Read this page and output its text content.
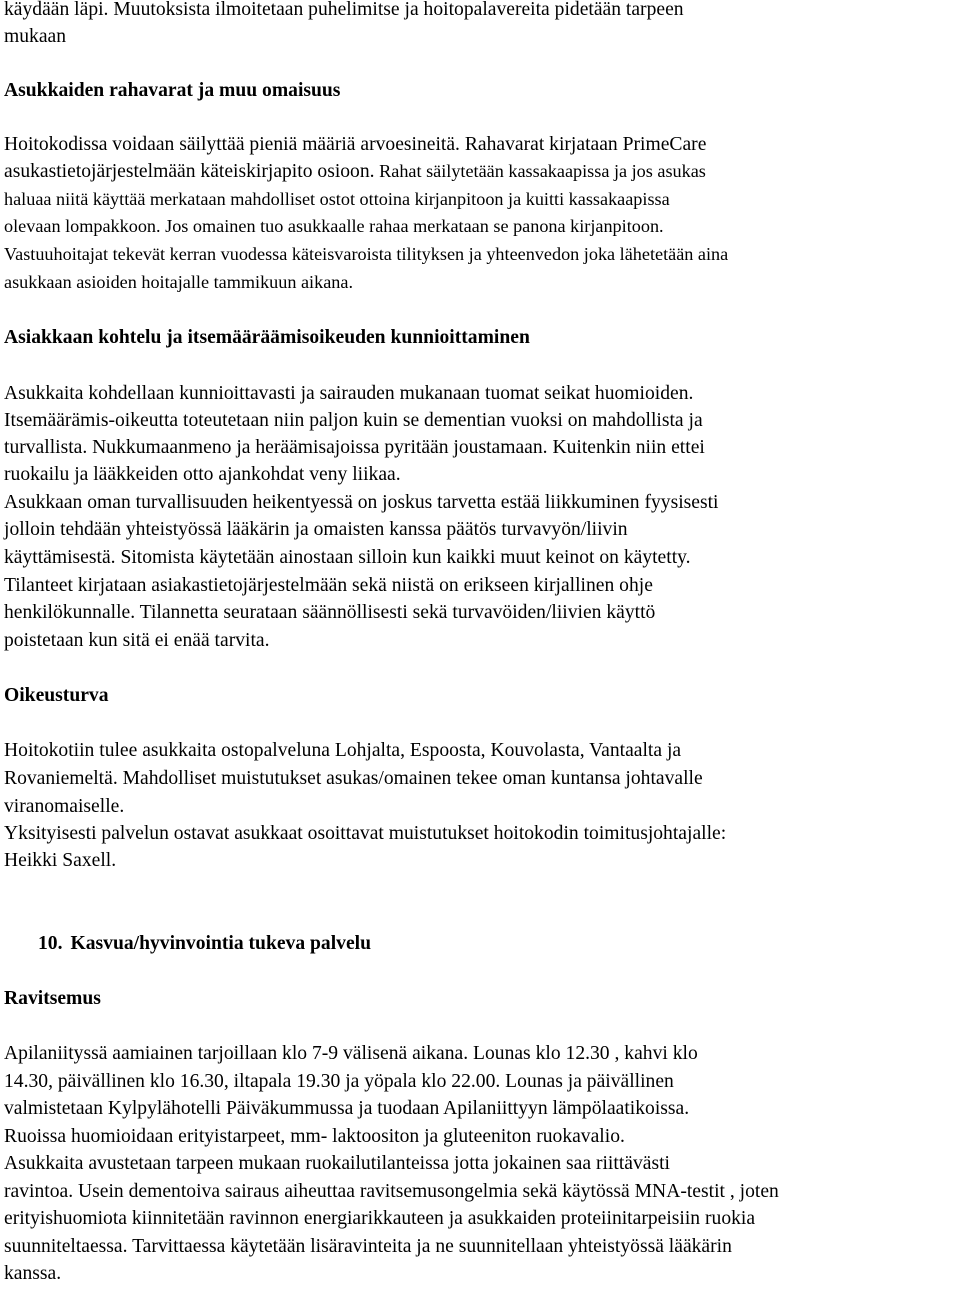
käydään läpi. Muutoksista ilmoitetaan puhelimitse ja hoitopalavereita pidetään tarpeen
mukaan
Asukkaiden rahavarat ja muu omaisuus
Hoitokodissa voidaan säilyttää pieniä määriä arvoesineitä. Rahavarat kirjataan PrimeCare
asukastietojärjestelmään käteiskirjapito osioon. Rahat säilytetään kassakaapissa ja jos asukas
haluaa niitä käyttää merkataan mahdolliset ostot ottoina kirjanpitoon ja kuitti kassakaapissa
olevaan lompakkoon. Jos omainen tuo asukkaalle rahaa merkataan se panona kirjanpitoon.
Vastuuhoitajat tekevät kerran vuodessa käteisvaroista tilityksen ja yhteenvedon joka lähetetään aina
asukkaan asioiden hoitajalle tammikuun aikana.
Asiakkaan kohtelu ja itsemääräämisoikeuden kunnioittaminen
Asukkaita kohdellaan kunnioittavasti ja sairauden mukanaan tuomat seikat huomioiden.
Itsemäärämis-oikeutta toteutetaan niin paljon kuin se dementian vuoksi on mahdollista ja
turvallista. Nukkumaanmeno ja heräämisajoissa pyritään joustamaan. Kuitenkin niin ettei
ruokailu ja lääkkeiden otto ajankohdat veny liikaa.
Asukkaan oman turvallisuuden heikentyessä on joskus tarvetta estää liikkuminen fyysisesti
jolloin tehdään yhteistyössä lääkärin ja omaisten kanssa päätös turvavyön/liivin
käyttämisestä. Sitomista käytetään ainostaan silloin kun kaikki muut keinot on käytetty.
Tilanteet kirjataan asiakastietojärjestelmään sekä niistä on erikseen kirjallinen ohje
henkilökunnalle. Tilannetta seurataan säännöllisesti sekä turvavöiden/liivien käyttö
poistetaan kun sitä ei enää tarvita.
Oikeusturva
Hoitokotiin tulee asukkaita ostopalveluna Lohjalta, Espoosta, Kouvolasta, Vantaalta ja
Rovaniemeltä. Mahdolliset muistutukset asukas/omainen tekee oman kuntansa johtavalle
viranomaiselle.
Yksityisesti palvelun ostavat asukkaat osoittavat muistutukset hoitokodin toimitusjohtajalle:
Heikki Saxell.
10. Kasvua/hyvinvointia tukeva palvelu
Ravitsemus
Apilaniityssä aamiainen tarjoillaan klo 7-9 välisenä aikana. Lounas klo 12.30 , kahvi klo
14.30, päivällinen klo 16.30, iltapala 19.30 ja yöpala klo 22.00. Lounas ja päivällinen
valmistetaan Kylpylähotelli Päiväkummussa ja tuodaan Apilaniittyyn lämpölaatikoissa.
Ruoissa huomioidaan erityistarpeet, mm- laktoositon ja gluteeniton ruokavalio.
Asukkaita avustetaan tarpeen mukaan ruokailutilanteissa jotta jokainen saa riittävästi
ravintoa. Usein dementoiva sairaus aiheuttaa ravitsemusongelmia sekä käytössä MNA-testit , joten
erityishuomiota kiinnitetään ravinnon energiarikkauteen ja asukkaiden proteiinitarpeisiin ruokia
suunniteltaessa. Tarvittaessa käytetään lisäravinteita ja ne suunnitellaan yhteistyössä lääkärin
kanssa.
